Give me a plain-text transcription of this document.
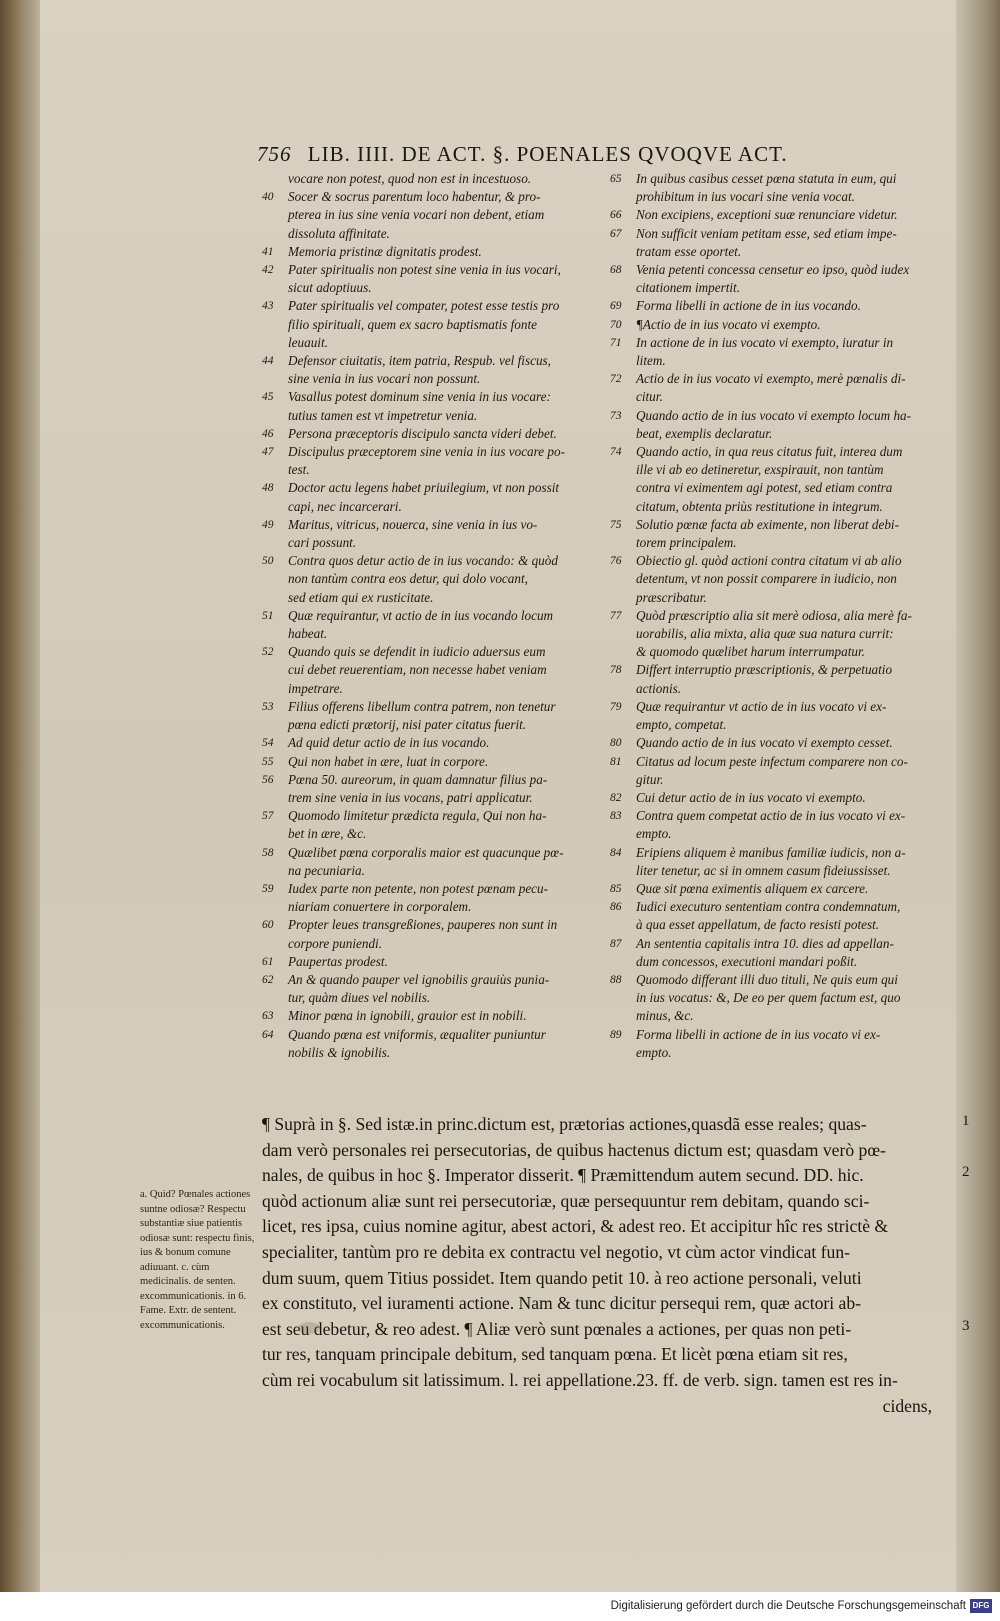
756 LIB. IIII. DE ACT. §. POENALES QVOQVE ACT.
vocare non potest, quod non est in incestuoso.
40	Socer & socrus parentum loco habentur, & pro-
pterea in ius sine venia vocari non debent, etiam
dissoluta affinitate.
41	Memoria pristinæ dignitatis prodest.
42	Pater spiritualis non potest sine venia in ius vocari,
sicut adoptiuus.
43	Pater spiritualis vel compater, potest esse testis pro
filio spirituali, quem ex sacro baptismatis fonte
leuauit.
44	Defensor ciuitatis, item patria, Respub. vel fiscus,
sine venia in ius vocari non possunt.
45	Vasallus potest dominum sine venia in ius vocare:
tutius tamen est vt impetretur venia.
46	Persona præceptoris discipulo sancta videri debet.
47	Discipulus præceptorem sine venia in ius vocare po-
test.
48	Doctor actu legens habet priuilegium, vt non possit
capi, nec incarcerari.
49	Maritus, vitricus, nouerca, sine venia in ius vo-
cari possunt.
50	Contra quos detur actio de in ius vocando: & quòd
non tantùm contra eos detur, qui dolo vocant,
sed etiam qui ex rusticitate.
51	Quæ requirantur, vt actio de in ius vocando locum
habeat.
52	Quando quis se defendit in iudicio aduersus eum
cui debet reuerentiam, non necesse habet veniam
impetrare.
53	Filius offerens libellum contra patrem, non tenetur
pœna edicti prætorij, nisi pater citatus fuerit.
54	Ad quid detur actio de in ius vocando.
55	Qui non habet in ære, luat in corpore.
56	Pœna 50. aureorum, in quam damnatur filius pa-
trem sine venia in ius vocans, patri applicatur.
57	Quomodo limitetur prædicta regula, Qui non ha-
bet in ære, &c.
58	Quælibet pœna corporalis maior est quacunque pœ-
na pecuniaria.
59	Iudex parte non petente, non potest pœnam pecu-
niariam conuertere in corporalem.
60	Propter leues transgreßiones, pauperes non sunt in
corpore puniendi.
61	Paupertas prodest.
62	An & quando pauper vel ignobilis grauiùs punia-
tur, quàm diues vel nobilis.
63	Minor pœna in ignobili, grauior est in nobili.
64	Quando pœna est vniformis, æqualiter puniuntur
nobilis & ignobilis.
65	In quibus casibus cesset pœna statuta in eum, qui
prohibitum in ius vocari sine venia vocat.
66	Non excipiens, exceptioni suæ renunciare videtur.
67	Non sufficit veniam petitam esse, sed etiam impe-
tratam esse oportet.
68	Venia petenti concessa censetur eo ipso, quòd iudex
citationem impertit.
69	Forma libelli in actione de in ius vocando.
70	¶Actio de in ius vocato vi exempto.
71	In actione de in ius vocato vi exempto, iuratur in
litem.
72	Actio de in ius vocato vi exempto, merè pœnalis di-
citur.
73	Quando actio de in ius vocato vi exempto locum ha-
beat, exemplis declaratur.
74	Quando actio, in qua reus citatus fuit, interea dum
ille vi ab eo detineretur, exspirauit, non tantùm
contra vi eximentem agi potest, sed etiam contra
citatum, obtenta priùs restitutione in integrum.
75	Solutio pœnæ facta ab eximente, non liberat debi-
torem principalem.
76	Obiectio gl. quòd actioni contra citatum vi ab alio
detentum, vt non possit comparere in iudicio, non
præscribatur.
77	Quòd præscriptio alia sit merè odiosa, alia merè fa-
uorabilis, alia mixta, alia quæ sua natura currit:
& quomodo quælibet harum interrumpatur.
78	Differt interruptio præscriptionis, & perpetuatio
actionis.
79	Quæ requirantur vt actio de in ius vocato vi ex-
empto, competat.
80	Quando actio de in ius vocato vi exempto cesset.
81	Citatus ad locum peste infectum comparere non co-
gitur.
82	Cui detur actio de in ius vocato vi exempto.
83	Contra quem competat actio de in ius vocato vi ex-
empto.
84	Eripiens aliquem è manibus familiæ iudicis, non a-
liter tenetur, ac si in omnem casum fideiussisset.
85	Quæ sit pœna eximentis aliquem ex carcere.
86	Iudici executuro sententiam contra condemnatum,
à qua esset appellatum, de facto resisti potest.
87	An sententia capitalis intra 10. dies ad appellan-
dum concessos, executioni mandari poßit.
88	Quomodo differant illi duo tituli, Ne quis eum qui
in ius vocatus: &, De eo per quem factum est, quo
minus, &c.
89	Forma libelli in actione de in ius vocato vi ex-
empto.
a. Quid? Pœnales actiones suntne odiosæ? Respectu substantiæ siue patientis odiosæ sunt: respectu finis, ius & bonum comune adiuuant. c. cùm medicinalis. de senten. excommunicationis. in 6. Fame. Extr. de sentent. excommunicationis.
¶ Suprà in §. Sed istæ.in princ.dictum est, prætorias actiones,quasdã esse reales; quas-
dam verò personales rei persecutorias, de quibus hactenus dictum est; quasdam verò pœ-
nales, de quibus in hoc §. Imperator disserit. ¶ Præmittendum autem secund. DD. hic.
quòd actionum aliæ sunt rei persecutoriæ, quæ persequuntur rem debitam, quando sci-
licet, res ipsa, cuius nomine agitur, abest actori, & adest reo. Et accipitur hîc res strictè &
specialiter, tantùm pro re debita ex contractu vel negotio, vt cùm actor vindicat fun-
dum suum, quem Titius possidet. Item quando petit 10. à reo actione personali, veluti
ex constituto, vel iuramenti actione. Nam & tunc dicitur persequi rem, quæ actori ab-
est seu debetur, & reo adest. ¶ Aliæ verò sunt pœnales a actiones, per quas non peti-
tur res, tanquam principale debitum, sed tanquam pœna. Et licèt pœna etiam sit res,
cùm rei vocabulum sit latissimum. l. rei appellatione.23. ff. de verb. sign. tamen est res in-
cidens,
1
2
3
Digitalisierung gefördert durch die Deutsche Forschungsgemeinschaft DFG
